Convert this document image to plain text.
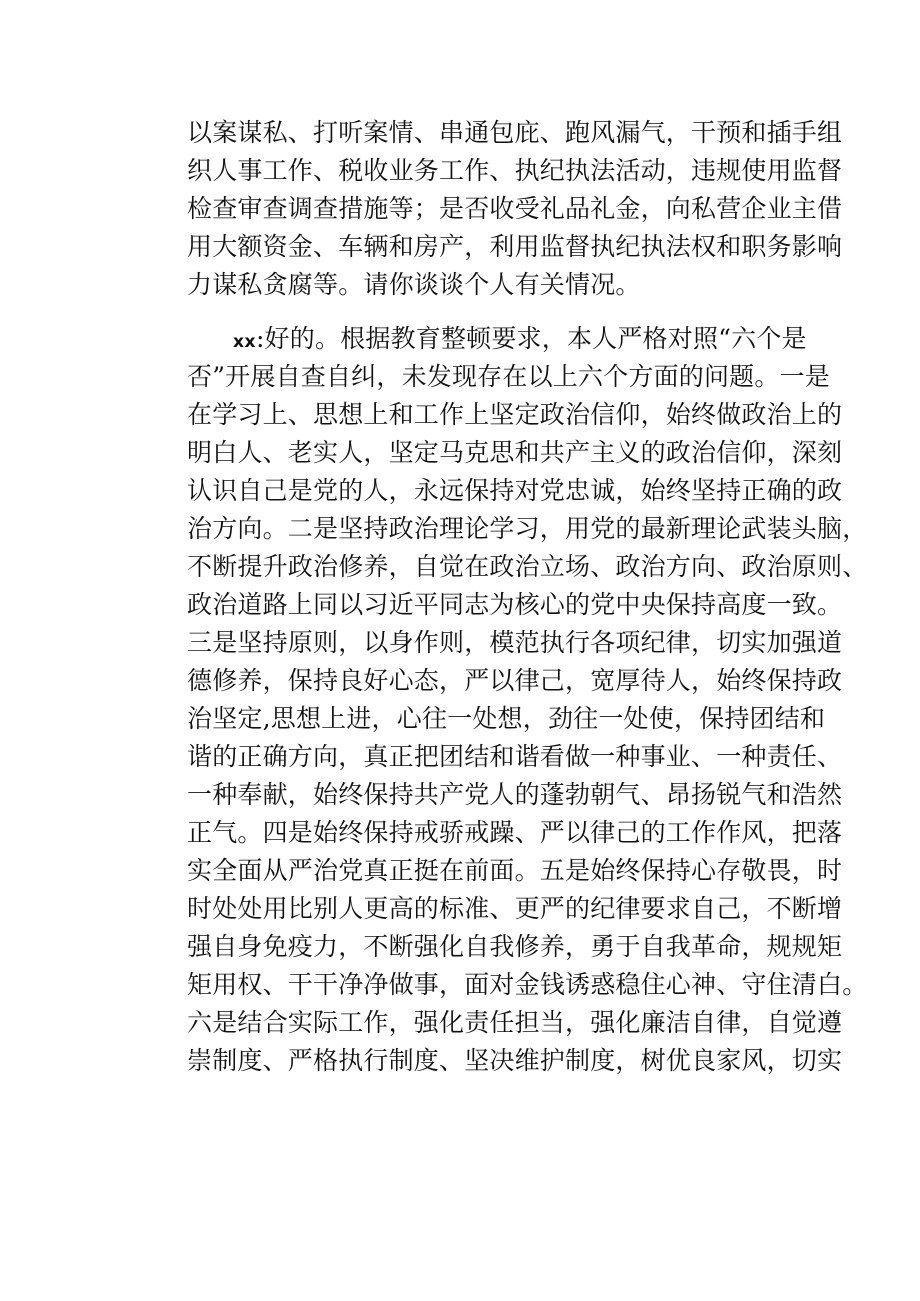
以案谋私、打听案情、串通包庇、跑风漏气，干预和插手组
织人事工作、税收业务工作、执纪执法活动，违规使用监督
检查审查调查措施等；是否收受礼品礼金，向私营企业主借
用大额资金、车辆和房产，利用监督执纪执法权和职务影响
力谋私贪腐等。请你谈谈个人有关情况。
xx:好的。根据教育整顿要求，本人严格对照“六个是
否”开展自查自纠，未发现存在以上六个方面的问题。一是
在学习上、思想上和工作上坚定政治信仰，始终做政治上的
明白人、老实人，坚定马克思和共产主义的政治信仰，深刻
认识自己是党的人，永远保持对党忠诚，始终坚持正确的政
治方向。二是坚持政治理论学习，用党的最新理论武装头脑，
不断提升政治修养，自觉在政治立场、政治方向、政治原则、
政治道路上同以习近平同志为核心的党中央保持高度一致。
三是坚持原则，以身作则，模范执行各项纪律，切实加强道
德修养，保持良好心态，严以律己，宽厚待人，始终保持政
治坚定,思想上进，心往一处想，劲往一处使，保持团结和
谐的正确方向，真正把团结和谐看做一种事业、一种责任、
一种奉献，始终保持共产党人的蓬勃朝气、昂扬锐气和浩然
正气。四是始终保持戒骄戒躁、严以律己的工作作风，把落
实全面从严治党真正挺在前面。五是始终保持心存敬畏，时
时处处用比别人更高的标准、更严的纪律要求自己，不断增
强自身免疫力，不断强化自我修养，勇于自我革命，规规矩
矩用权、干干净净做事，面对金钱诱惑稳住心神、守住清白。
六是结合实际工作，强化责任担当，强化廉洁自律，自觉遵
崇制度、严格执行制度、坚决维护制度，树优良家风，切实
